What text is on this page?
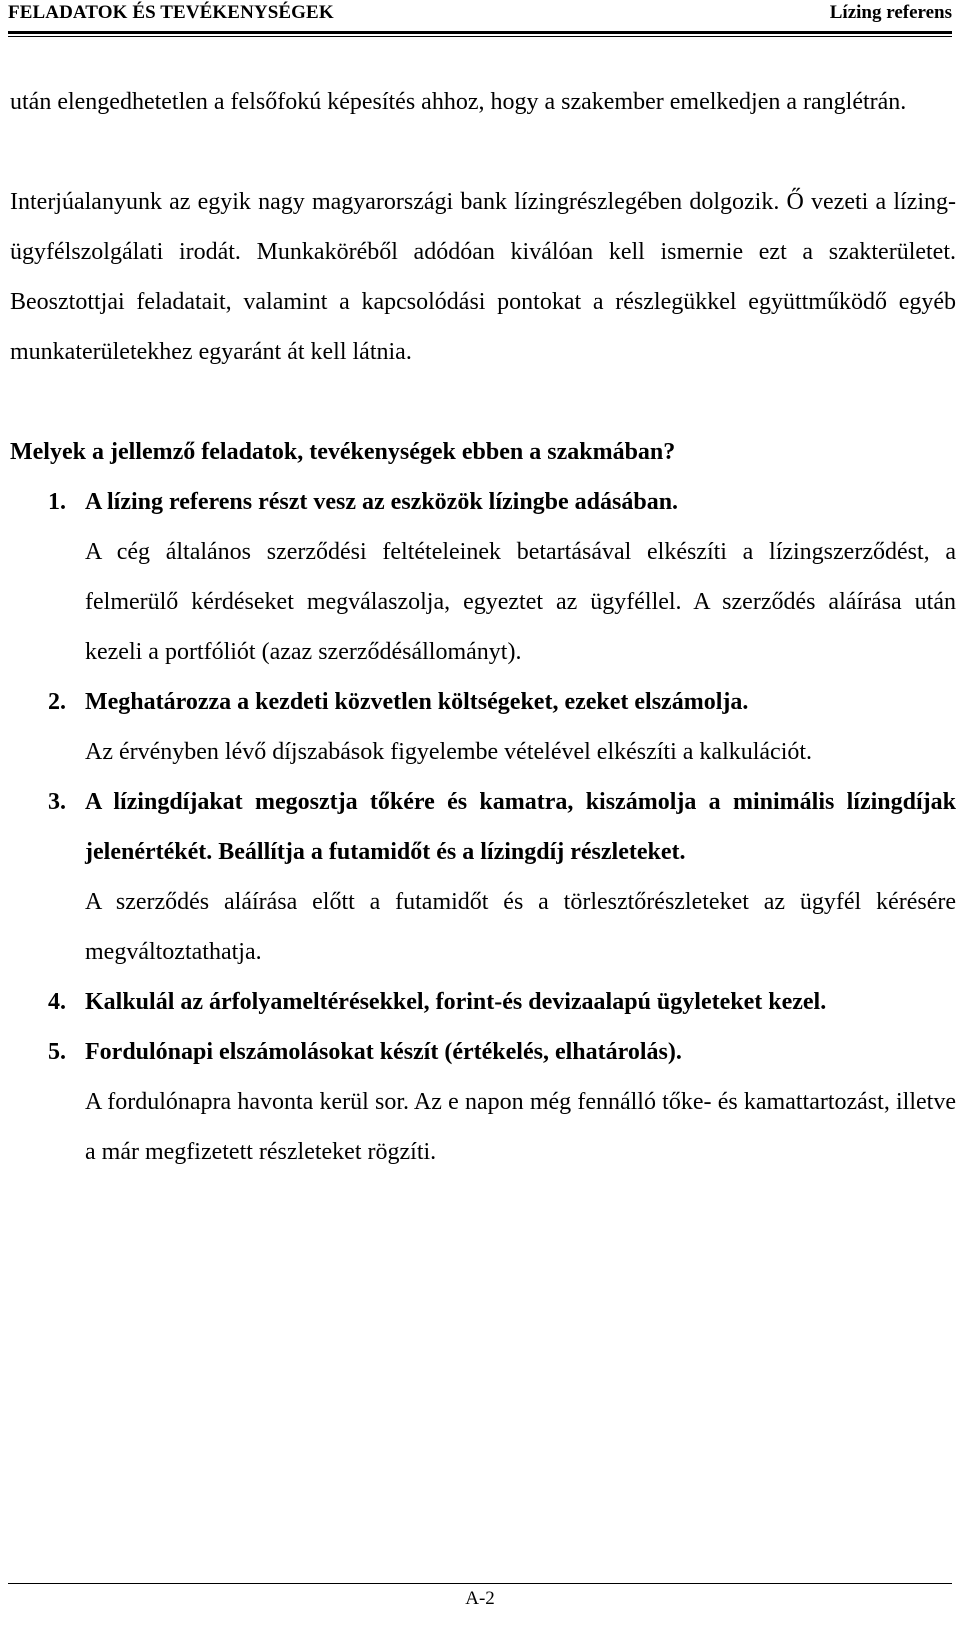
FELADATOK ÉS TEVÉKENYSÉGEK	Lízing referens

után elengedhetetlen a felsőfokú képesítés ahhoz, hogy a szakember emelkedjen a ranglétrán.

Interjúalanyunk az egyik nagy magyarországi bank lízingrészlegében dolgozik. Ő vezeti a lízing-ügyfélszolgálati irodát. Munkaköréből adódóan kiválóan kell ismernie ezt a szakterületet. Beosztottjai feladatait, valamint a kapcsolódási pontokat a részlegükkel együttműködő egyéb munkaterületekhez egyaránt át kell látnia.

Melyek a jellemző feladatok, tevékenységek ebben a szakmában?

1. A lízing referens részt vesz az eszközök lízingbe adásában.

A cég általános szerződési feltételeinek betartásával elkészíti a lízingszerződést, a felmerülő kérdéseket megválaszolja, egyeztet az ügyféllel. A szerződés aláírása után kezeli a portfóliót (azaz szerződésállományt).

2. Meghatározza a kezdeti közvetlen költségeket, ezeket elszámolja.

Az érvényben lévő díjszabások figyelembe vételével elkészíti a kalkulációt.

3. A lízingdíjakat megosztja tőkére és kamatra, kiszámolja a minimális lízingdíjak jelenértékét. Beállítja a futamidőt és a lízingdíj részleteket.

A szerződés aláírása előtt a futamidőt és a törlesztőrészleteket az ügyfél kérésére megváltoztathatja.

4. Kalkulál az árfolyameltérésekkel, forint-és devizaalapú ügyleteket kezel.

5. Fordulónapi elszámolásokat készít (értékelés, elhatárolás).

A fordulónapra havonta kerül sor. Az e napon még fennálló tőke- és kamattartozást, illetve a már megfizetett részleteket rögzíti.

A-2
